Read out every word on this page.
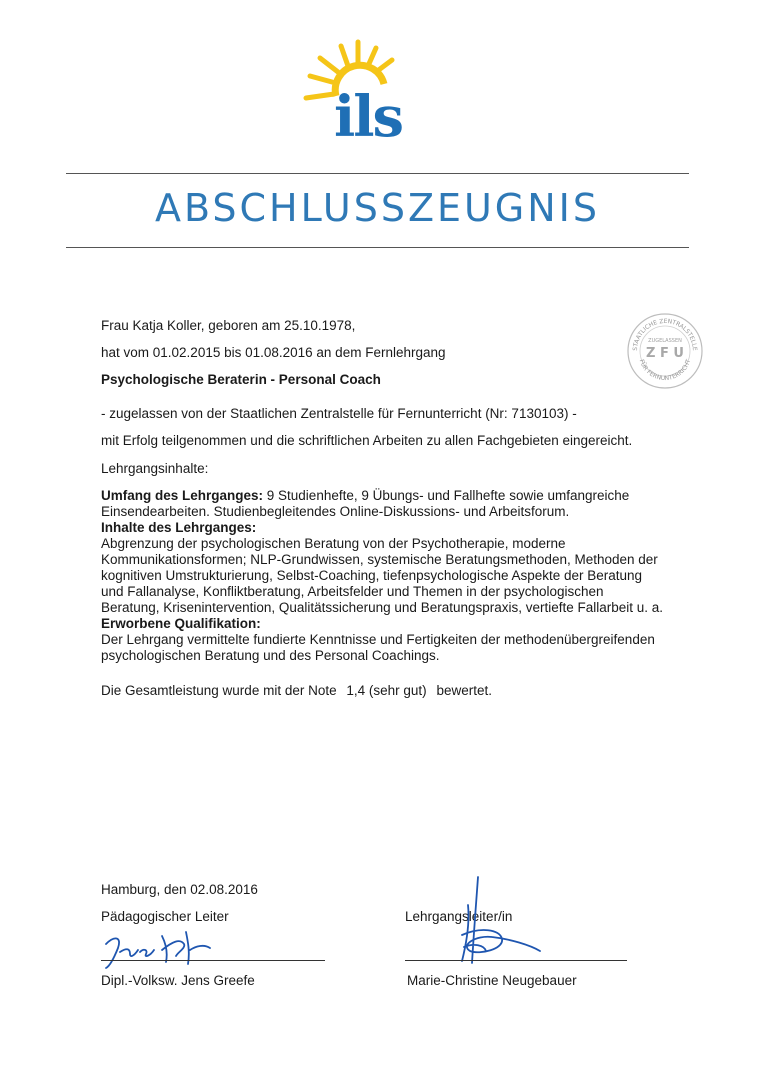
ils
ABSCHLUSSZEUGNIS
STAATLICHE ZENTRALSTELLE
FÜR FERNUNTERRICHT
ZUGELASSEN
Z F U
Frau Katja Koller, geboren am 25.10.1978,
hat vom 01.02.2015 bis 01.08.2016 an dem Fernlehrgang
Psychologische Beraterin - Personal Coach
- zugelassen von der Staatlichen Zentralstelle für Fernunterricht (Nr: 7130103) -
mit Erfolg teilgenommen und die schriftlichen Arbeiten zu allen Fachgebieten eingereicht.
Lehrgangsinhalte:

Umfang des Lehrganges: 9 Studienhefte, 9 Übungs- und Fallhefte sowie umfangreiche

Einsendearbeiten. Studienbegleitendes Online-Diskussions- und Arbeitsforum.

Inhalte des Lehrganges:

Abgrenzung der psychologischen Beratung von der Psychotherapie, moderne

Kommunikationsformen; NLP-Grundwissen, systemische Beratungsmethoden, Methoden der

kognitiven Umstrukturierung, Selbst-Coaching, tiefenpsychologische Aspekte der Beratung

und Fallanalyse, Konfliktberatung, Arbeitsfelder und Themen in der psychologischen

Beratung, Krisenintervention, Qualitätssicherung und Beratungspraxis, vertiefte Fallarbeit u. a.

Erworbene Qualifikation:

Der Lehrgang vermittelte fundierte Kenntnisse und Fertigkeiten der methodenübergreifenden

psychologischen Beratung und des Personal Coachings.

Die Gesamtleistung wurde mit der Note 1,4 (sehr gut) bewertet.
Hamburg, den 02.08.2016
Pädagogischer Leiter
Dipl.-Volksw. Jens Greefe
Lehrgangsleiter/in
Marie-Christine Neugebauer
